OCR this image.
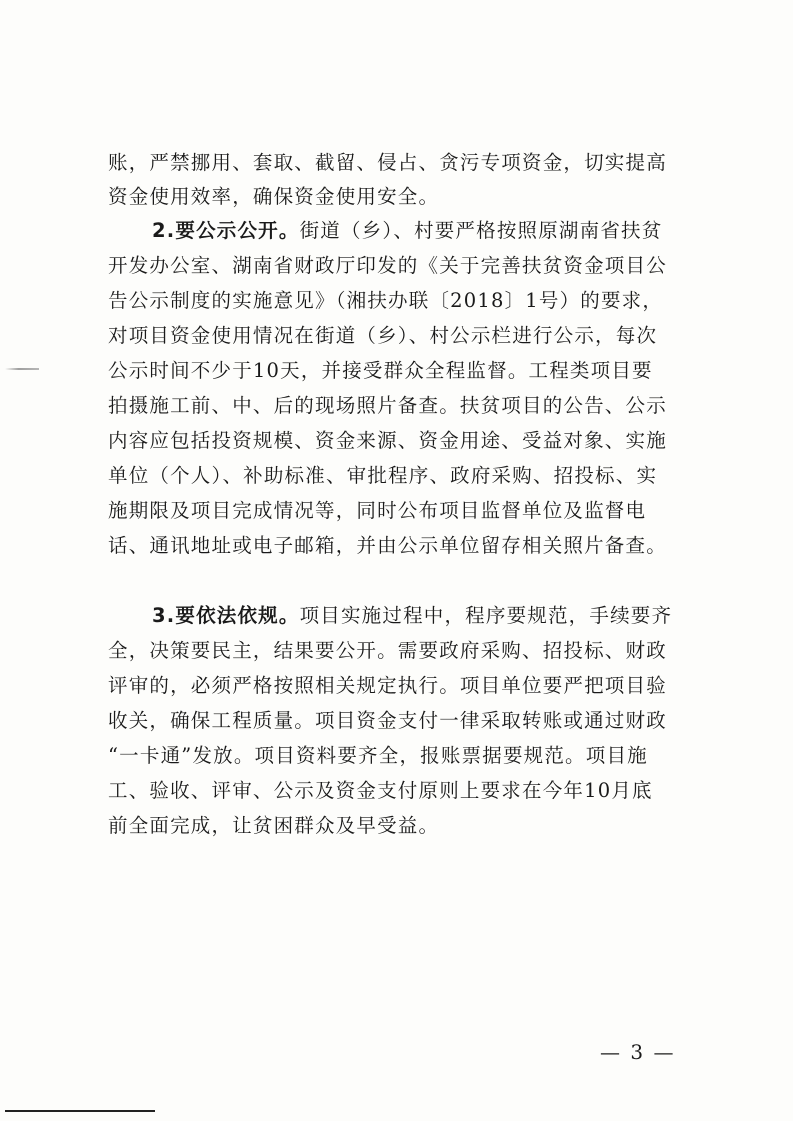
账，严禁挪用、套取、截留、侵占、贪污专项资金，切实提高
资金使用效率，确保资金使用安全。
2.要公示公开。街道（乡）、村要严格按照原湖南省扶贫
开发办公室、湖南省财政厅印发的《关于完善扶贫资金项目公
告公示制度的实施意见》（湘扶办联〔2018〕1号）的要求，
对项目资金使用情况在街道（乡）、村公示栏进行公示，每次
公示时间不少于10天，并接受群众全程监督。工程类项目要
拍摄施工前、中、后的现场照片备查。扶贫项目的公告、公示
内容应包括投资规模、资金来源、资金用途、受益对象、实施
单位（个人）、补助标准、审批程序、政府采购、招投标、实
施期限及项目完成情况等，同时公布项目监督单位及监督电
话、通讯地址或电子邮箱，并由公示单位留存相关照片备查。
3.要依法依规。项目实施过程中，程序要规范，手续要齐
全，决策要民主，结果要公开。需要政府采购、招投标、财政
评审的，必须严格按照相关规定执行。项目单位要严把项目验
收关，确保工程质量。项目资金支付一律采取转账或通过财政
“一卡通”发放。项目资料要齐全，报账票据要规范。项目施
工、验收、评审、公示及资金支付原则上要求在今年10月底
前全面完成，让贫困群众及早受益。
— 3 —
